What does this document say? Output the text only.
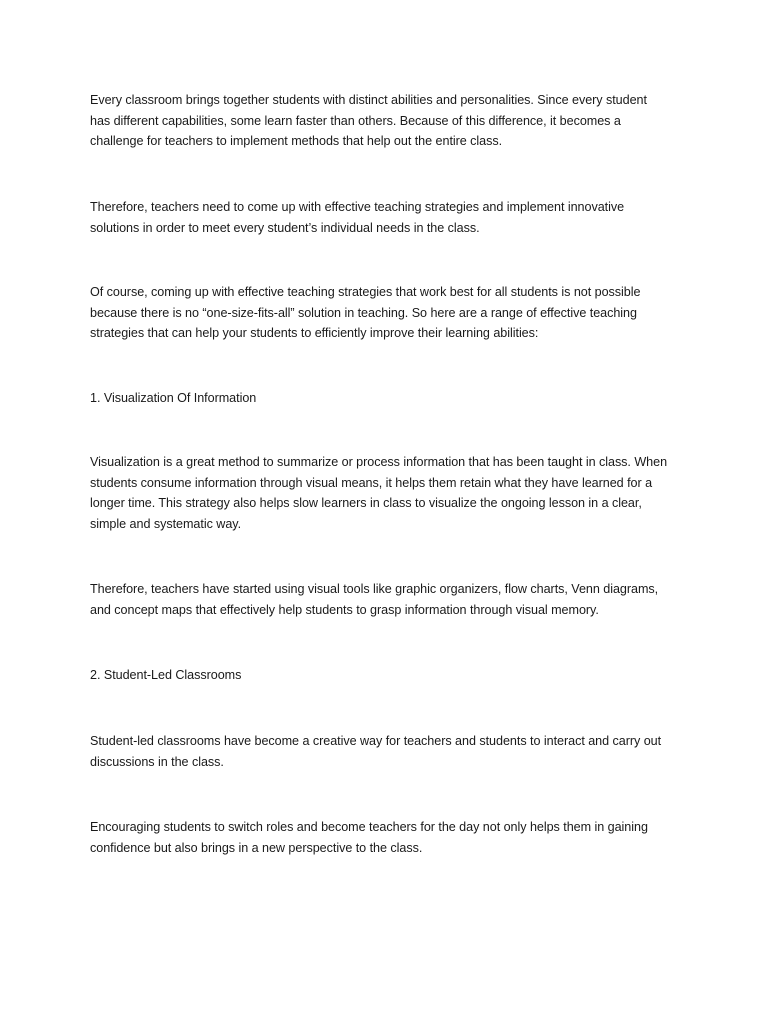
Every classroom brings together students with distinct abilities and personalities. Since every student
has different capabilities, some learn faster than others. Because of this difference, it becomes a
challenge for teachers to implement methods that help out the entire class.

Therefore, teachers need to come up with effective teaching strategies and implement innovative
solutions in order to meet every student’s individual needs in the class.

Of course, coming up with effective teaching strategies that work best for all students is not possible
because there is no “one-size-fits-all” solution in teaching. So here are a range of effective teaching
strategies that can help your students to efficiently improve their learning abilities:

1. Visualization Of Information

Visualization is a great method to summarize or process information that has been taught in class. When
students consume information through visual means, it helps them retain what they have learned for a
longer time. This strategy also helps slow learners in class to visualize the ongoing lesson in a clear,
simple and systematic way.

Therefore, teachers have started using visual tools like graphic organizers, flow charts, Venn diagrams,
and concept maps that effectively help students to grasp information through visual memory.

2. Student-Led Classrooms

Student-led classrooms have become a creative way for teachers and students to interact and carry out
discussions in the class.

Encouraging students to switch roles and become teachers for the day not only helps them in gaining
confidence but also brings in a new perspective to the class.
